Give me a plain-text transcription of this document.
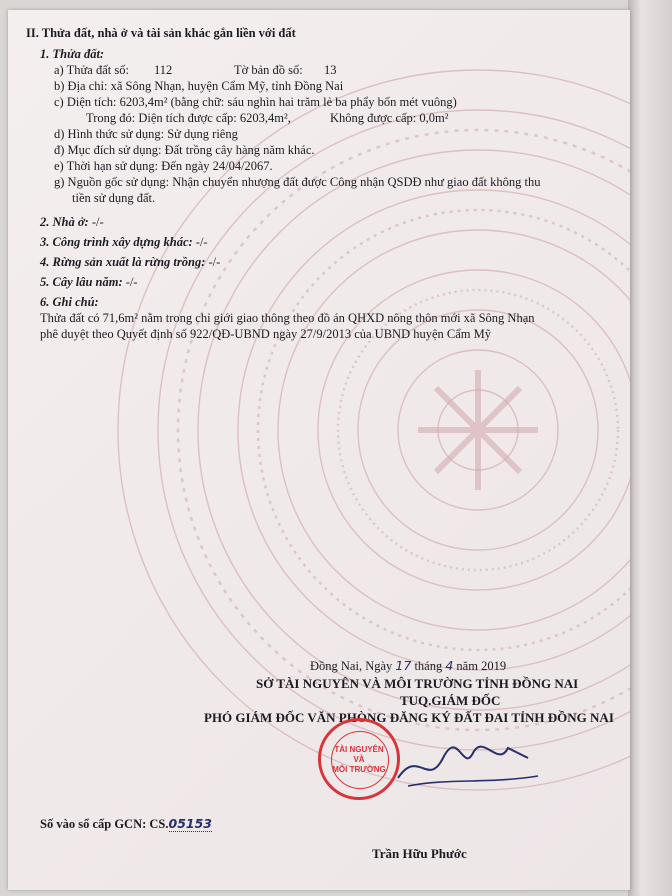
II. Thửa đất, nhà ở và tài sản khác gắn liền với đất
1. Thửa đất:
a) Thửa đất số: 112	Tờ bản đồ số: 13
b) Địa chỉ: xã Sông Nhạn, huyện Cẩm Mỹ, tỉnh Đồng Nai
c) Diện tích: 6203,4m² (bằng chữ: sáu nghìn hai trăm lẻ ba phẩy bốn mét vuông)
Trong đó: Diện tích được cấp: 6203,4m²,	Không được cấp: 0,0m²
d) Hình thức sử dụng: Sử dụng riêng
đ) Mục đích sử dụng: Đất trồng cây hàng năm khác.
e) Thời hạn sử dụng: Đến ngày 24/04/2067.
g) Nguồn gốc sử dụng: Nhận chuyển nhượng đất được Công nhận QSDĐ như giao đất không thu
tiền sử dụng đất.
2. Nhà ở: -/-
3. Công trình xây dựng khác: -/-
4. Rừng sản xuất là rừng trồng: -/-
5. Cây lâu năm: -/-
6. Ghi chú:
Thửa đất có 71,6m² nằm trong chỉ giới giao thông theo đồ án QHXD nông thôn mới xã Sông Nhạn
phê duyệt theo Quyết định số 922/QĐ-UBND ngày 27/9/2013 của UBND huyện Cẩm Mỹ
Đồng Nai, Ngày 17 tháng 4 năm 2019
SỞ TÀI NGUYÊN VÀ MÔI TRƯỜNG TỈNH ĐỒNG NAI
TUQ.GIÁM ĐỐC
PHÓ GIÁM ĐỐC VĂN PHÒNG ĐĂNG KÝ ĐẤT ĐAI TỈNH ĐỒNG NAI
TÀI NGUYÊN
VÀ
MÔI TRƯỜNG
Trần Hữu Phước
Số vào sổ cấp GCN: CS.05153
